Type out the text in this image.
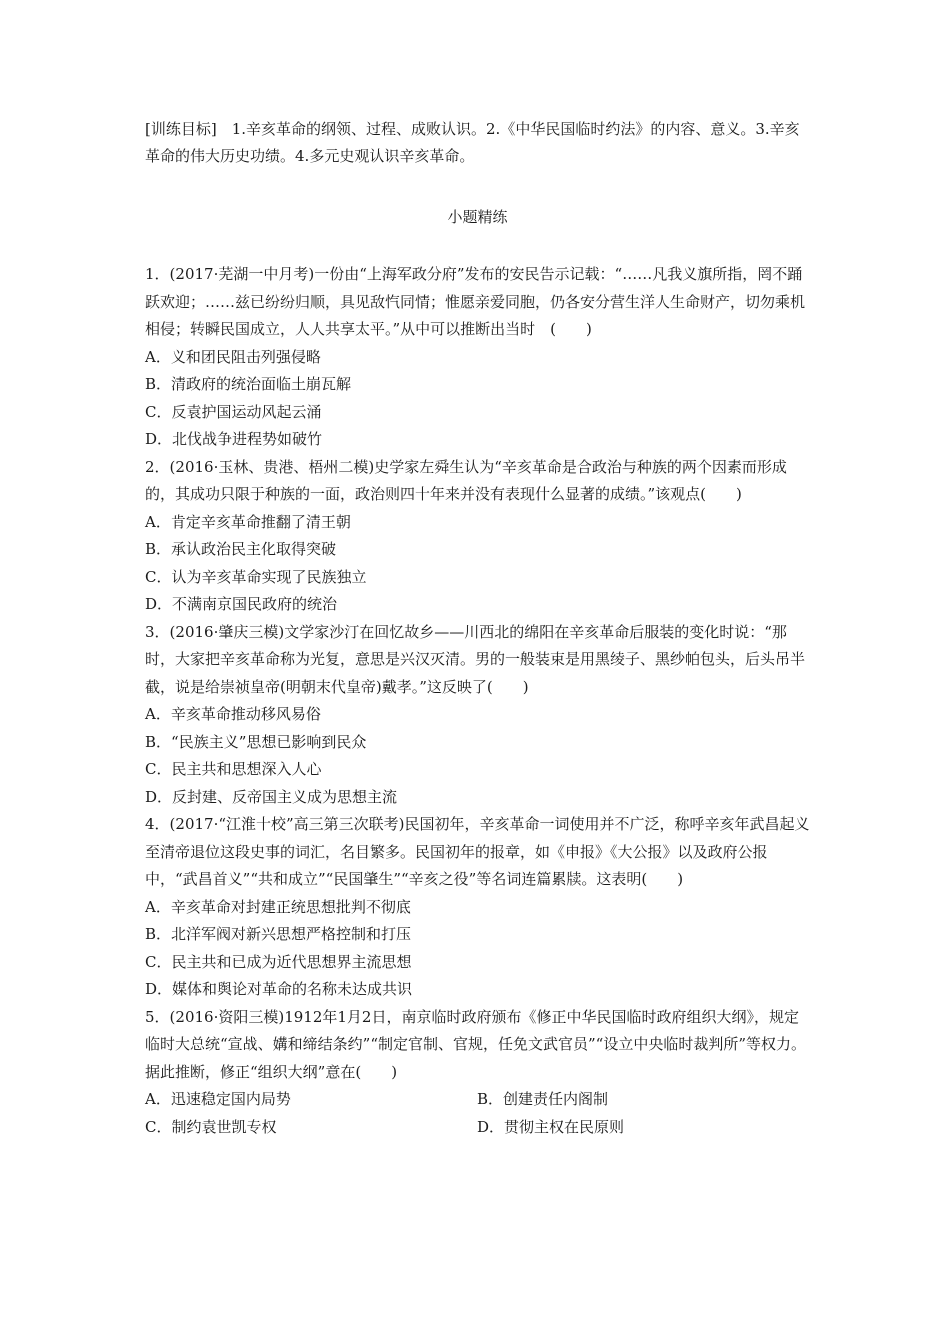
[训练目标]　1.辛亥革命的纲领、过程、成败认识。2.《中华民国临时约法》的内容、意义。3.辛亥革命的伟大历史功绩。4.多元史观认识辛亥革命。

小题精练

1．(2017·芜湖一中月考)一份由“上海军政分府”发布的安民告示记载：“……凡我义旗所指，罔不踊跃欢迎；……兹已纷纷归顺，具见敌忾同情；惟愿亲爱同胞，仍各安分营生洋人生命财产，切勿乘机相侵；转瞬民国成立，人人共享太平。”从中可以推断出当时　(　　)

A．义和团民阻击列强侵略

B．清政府的统治面临土崩瓦解

C．反袁护国运动风起云涌

D．北伐战争进程势如破竹

2．(2016·玉林、贵港、梧州二模)史学家左舜生认为“辛亥革命是合政治与种族的两个因素而形成的，其成功只限于种族的一面，政治则四十年来并没有表现什么显著的成绩。”该观点(　　)

A．肯定辛亥革命推翻了清王朝

B．承认政治民主化取得突破

C．认为辛亥革命实现了民族独立

D．不满南京国民政府的统治

3．(2016·肇庆三模)文学家沙汀在回忆故乡——川西北的绵阳在辛亥革命后服装的变化时说：“那时，大家把辛亥革命称为光复，意思是兴汉灭清。男的一般装束是用黑绫子、黑纱帕包头，后头吊半截，说是给崇祯皇帝(明朝末代皇帝)戴孝。”这反映了(　　)

A．辛亥革命推动移风易俗

B．“民族主义”思想已影响到民众

C．民主共和思想深入人心

D．反封建、反帝国主义成为思想主流

4．(2017·“江淮十校”高三第三次联考)民国初年，辛亥革命一词使用并不广泛，称呼辛亥年武昌起义至清帝退位这段史事的词汇，名目繁多。民国初年的报章，如《申报》《大公报》以及政府公报中，“武昌首义”“共和成立”“民国肇生”“辛亥之役”等名词连篇累牍。这表明(　　)

A．辛亥革命对封建正统思想批判不彻底

B．北洋军阀对新兴思想严格控制和打压

C．民主共和已成为近代思想界主流思想

D．媒体和舆论对革命的名称未达成共识

5．(2016·资阳三模)1912年1月2日，南京临时政府颁布《修正中华民国临时政府组织大纲》，规定临时大总统“宣战、媾和缔结条约”“制定官制、官规，任免文武官员”“设立中央临时裁判所”等权力。据此推断，修正“组织大纲”意在(　　)

A．迅速稳定国内局势	B．创建责任内阁制

C．制约袁世凯专权	D．贯彻主权在民原则
